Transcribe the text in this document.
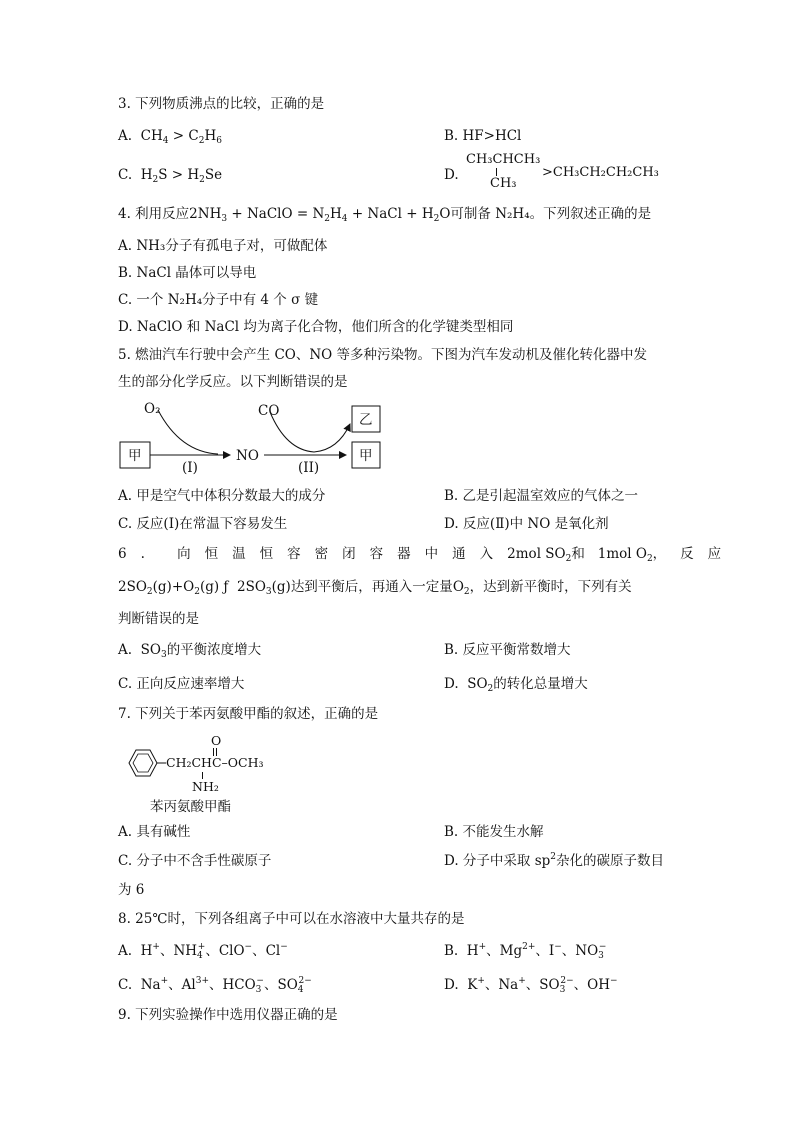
3. 下列物质沸点的比较，正确的是
A.  $CH_4 > C_2H_6$	B. HF>HCl
C.  $H_2S > H_2Se$	D.
CH₃CHCH₃
CH₃
>CH₃CH₂CH₂CH₃
4. 利用反应$2NH_3$ + NaClO = $N_2H_4$ + NaCl + $H_2O$可制备 N₂H₄。下列叙述正确的是
A. NH₃分子有孤电子对，可做配体
B. NaCl 晶体可以导电
C. 一个 N₂H₄分子中有 4 个 σ 键
D. NaClO 和 NaCl 均为离子化合物，他们所含的化学键类型相同
5. 燃油汽车行驶中会产生 CO、NO 等多种污染物。下图为汽车发动机及催化转化器中发
生的部分化学反应。以下判断错误的是
O₂	CO
甲	NO
乙
甲
(I)	(II)
A. 甲是空气中体积分数最大的成分	B. 乙是引起温室效应的气体之一
C. 反应(Ⅰ)在常温下容易发生	D. 反应(Ⅱ)中 NO 是氧化剂
6. 向恒温恒容密闭容器中通入2mol $SO_2$和 1mol $O_2$，反应
$2SO_2(g)+O_2(g)$ ƒ  $2SO_3(g)$达到平衡后，再通入一定量$O_2$，达到新平衡时，下列有关
判断错误的是
A.  $SO_3$的平衡浓度增大	B. 反应平衡常数增大
C. 正向反应速率增大	D.  $SO_2$的转化总量增大
7. 下列关于苯丙氨酸甲酯的叙述，正确的是
O
CH₂CHC–OCH₃
NH₂
苯丙氨酸甲酯
A. 具有碱性	B. 不能发生水解
C. 分子中不含手性碳原子	D. 分子中采取 $sp^2$杂化的碳原子数目
为 6
8. 25℃时，下列各组离子中可以在水溶液中大量共存的是
A.  H+、$NH_4^+$、ClO−、Cl−	B.  H+、$Mg^{2+}$、I−、$NO_3^-$
C.  Na+、$Al^{3+}$、$HCO_3^-$、$SO_4^{2-}$	D.  K+、Na+、$SO_3^{2-}$、OH−
9. 下列实验操作中选用仪器正确的是
